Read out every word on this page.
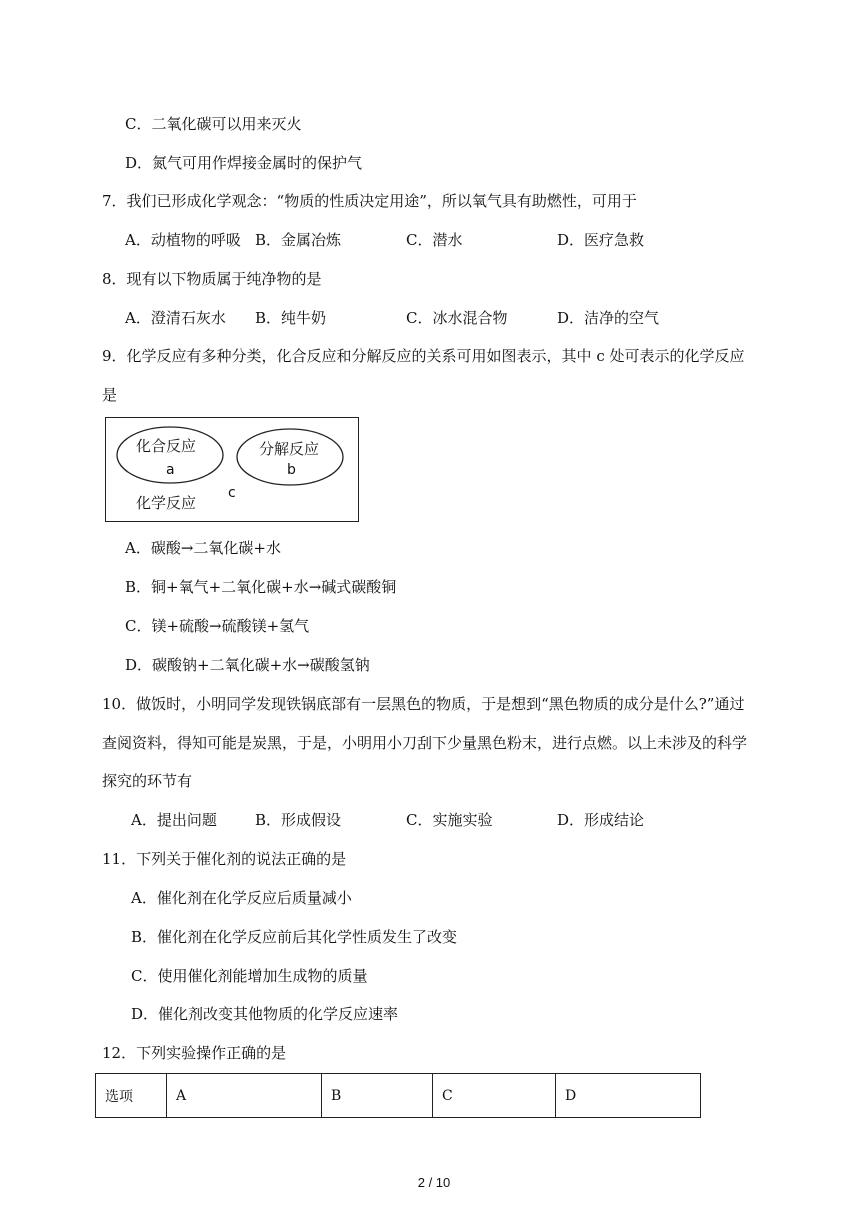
C．二氧化碳可以用来灭火
D．氮气可用作焊接金属时的保护气
7．我们已形成化学观念：“物质的性质决定用途”，所以氧气具有助燃性，可用于
A．动植物的呼吸 B．金属冶炼	C．潜水	D．医疗急救
8．现有以下物质属于纯净物的是
A．澄清石灰水 B．纯牛奶	C．冰水混合物	D．洁净的空气
9．化学反应有多种分类，化合反应和分解反应的关系可用如图表示，其中 c 处可表示的化学反应
是
化合反应
a
分解反应
b
化学反应
c
A．碳酸→二氧化碳+水
B．铜+氧气+二氧化碳+水→碱式碳酸铜
C．镁+硫酸→硫酸镁+氢气
D．碳酸钠+二氧化碳+水→碳酸氢钠
10．做饭时，小明同学发现铁锅底部有一层黑色的物质，于是想到“黑色物质的成分是什么?”通过
查阅资料，得知可能是炭黑，于是，小明用小刀刮下少量黑色粉末，进行点燃。以上未涉及的科学
探究的环节有
A．提出问题	B．形成假设	C．实施实验	D．形成结论
11．下列关于催化剂的说法正确的是
A．催化剂在化学反应后质量减小
B．催化剂在化学反应前后其化学性质发生了改变
C．使用催化剂能增加生成物的质量
D．催化剂改变其他物质的化学反应速率
12．下列实验操作正确的是
选项	A	B	C	D
2 / 10
